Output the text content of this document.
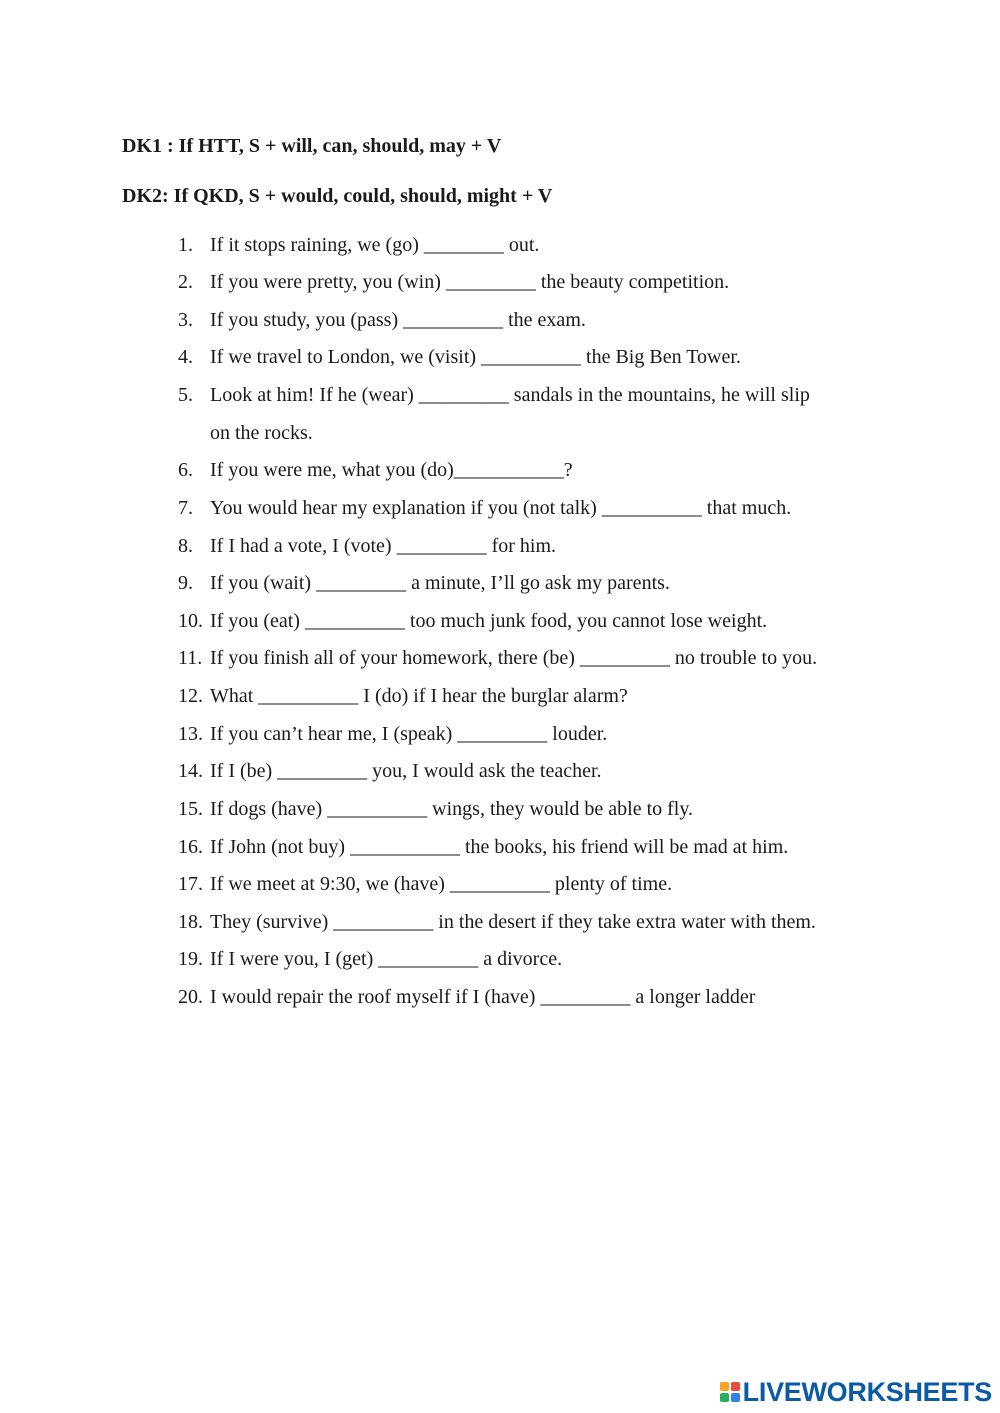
DK1 : If HTT, S + will, can, should, may + V
DK2: If QKD, S + would, could, should, might + V
1. If it stops raining, we (go) ________ out.
2. If you were pretty, you (win) _________ the beauty competition.
3. If you study, you (pass) __________ the exam.
4. If we travel to London, we (visit) __________ the Big Ben Tower.
5. Look at him! If he (wear) _________ sandals in the mountains, he will slip
on the rocks.
6. If you were me, what you (do)___________?
7. You would hear my explanation if you (not talk) __________ that much.
8. If I had a vote, I (vote) _________ for him.
9. If you (wait) _________ a minute, I’ll go ask my parents.
10. If you (eat) __________ too much junk food, you cannot lose weight.
11. If you finish all of your homework, there (be) _________ no trouble to you.
12. What __________ I (do) if I hear the burglar alarm?
13. If you can’t hear me, I (speak) _________ louder.
14. If I (be) _________ you, I would ask the teacher.
15. If dogs (have) __________ wings, they would be able to fly.
16. If John (not buy) ___________ the books, his friend will be mad at him.
17. If we meet at 9:30, we (have) __________ plenty of time.
18. They (survive) __________ in the desert if they take extra water with them.
19. If I were you, I (get) __________ a divorce.
20. I would repair the roof myself if I (have) _________ a longer ladder
LIVEWORKSHEETS
